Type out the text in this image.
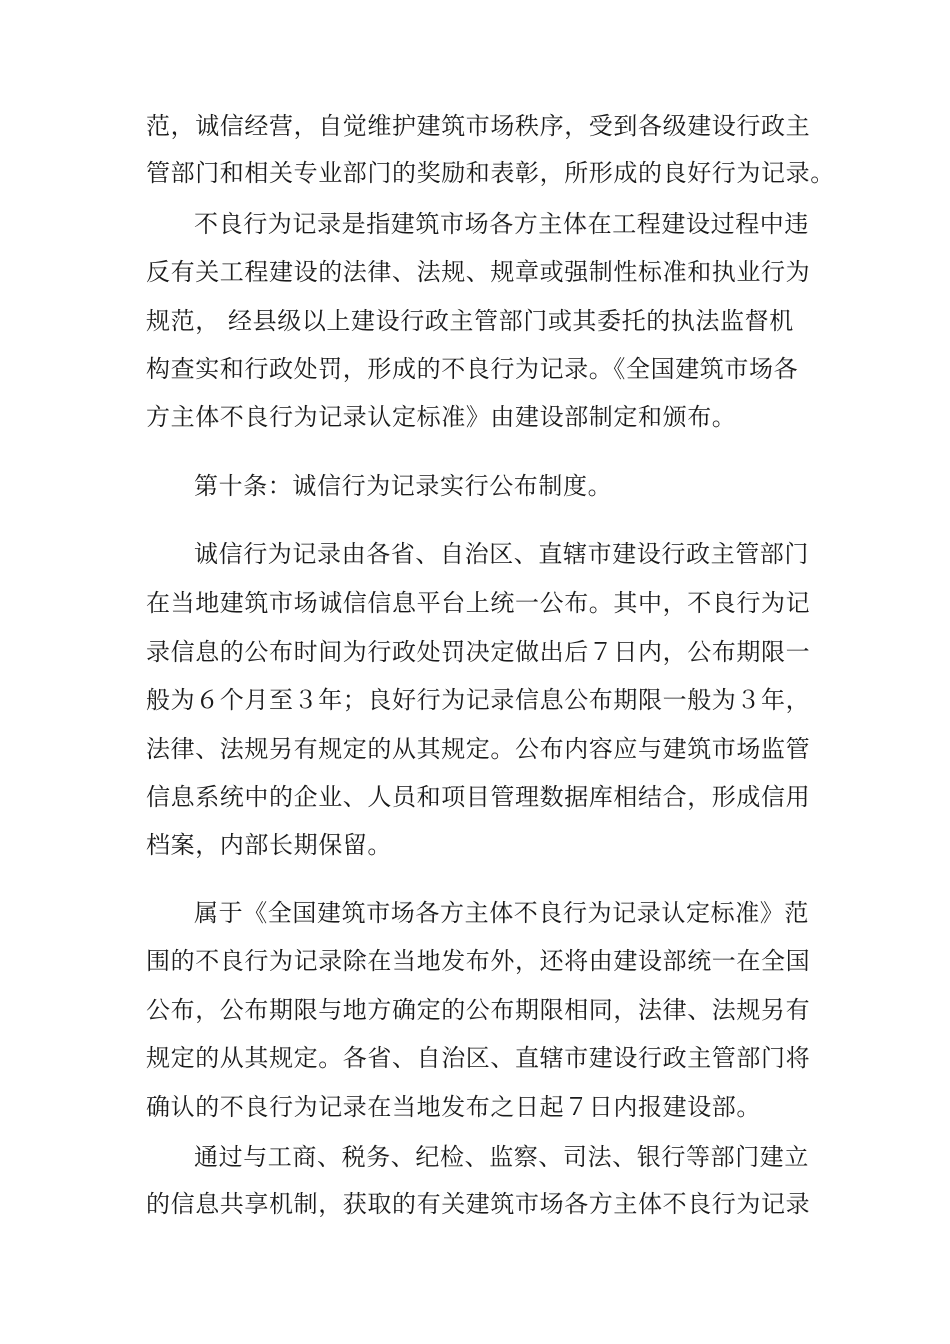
范，诚信经营，自觉维护建筑市场秩序，受到各级建设行政主
管部门和相关专业部门的奖励和表彰，所形成的良好行为记录。
不良行为记录是指建筑市场各方主体在工程建设过程中违
反有关工程建设的法律、法规、规章或强制性标准和执业行为
规范， 经县级以上建设行政主管部门或其委托的执法监督机
构查实和行政处罚，形成的不良行为记录。《全国建筑市场各
方主体不良行为记录认定标准》由建设部制定和颁布。
第十条：诚信行为记录实行公布制度。
诚信行为记录由各省、自治区、直辖市建设行政主管部门
在当地建筑市场诚信信息平台上统一公布。其中，不良行为记
录信息的公布时间为行政处罚决定做出后７日内，公布期限一
般为６个月至３年；良好行为记录信息公布期限一般为３年，
法律、法规另有规定的从其规定。公布内容应与建筑市场监管
信息系统中的企业、人员和项目管理数据库相结合，形成信用
档案，内部长期保留。
属于《全国建筑市场各方主体不良行为记录认定标准》范
围的不良行为记录除在当地发布外，还将由建设部统一在全国
公布，公布期限与地方确定的公布期限相同，法律、法规另有
规定的从其规定。各省、自治区、直辖市建设行政主管部门将
确认的不良行为记录在当地发布之日起７日内报建设部。
通过与工商、税务、纪检、监察、司法、银行等部门建立
的信息共享机制，获取的有关建筑市场各方主体不良行为记录
